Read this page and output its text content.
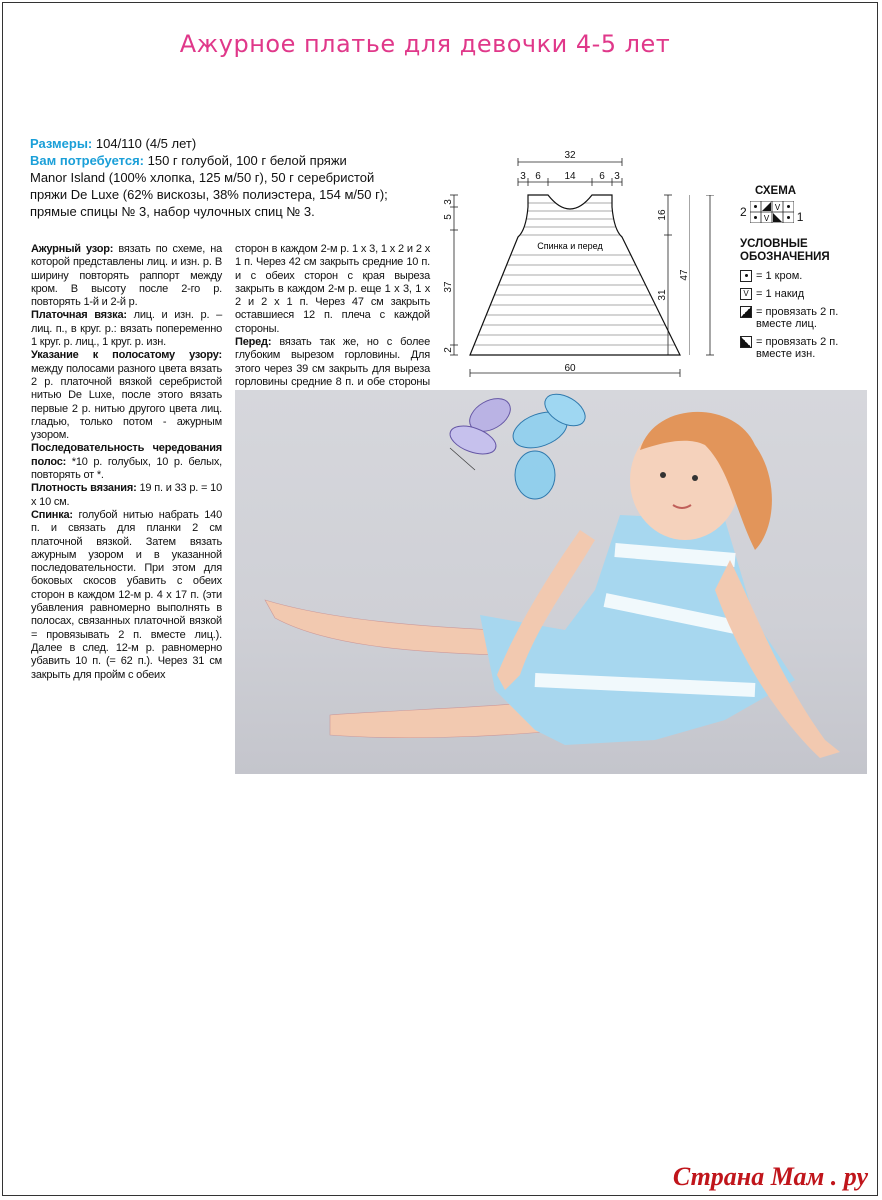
Ажурное платье для девочки 4-5 лет
Размеры: 104/110 (4/5 лет)
Вам потребуется: 150 г голубой, 100 г белой пряжи
Manor Island (100% хлопка, 125 м/50 г), 50 г серебристой
пряжи De Luxe (62% вискозы, 38% полиэстера, 154 м/50 г);
прямые спицы № 3, набор чулочных спиц № 3.

Ажурный узор: вязать по схеме, на которой представлены лиц. и изн. р. В ширину повторять раппорт между кром. В высоту после 2-го р. повторять 1-й и 2-й р.

Платочная вязка: лиц. и изн. р. – лиц. п., в круг. р.: вязать попеременно 1 круг. р. лиц., 1 круг. р. изн.

Указание к полосатому узору: между полосами разного цвета вязать 2 р. платочной вязкой серебристой нитью De Luxe, после этого вязать первые 2 р. нитью другого цвета лиц. гладью, только потом - ажурным узором.

Последовательность чередования полос: *10 р. голубых, 10 р. белых, повторять от *.

Плотность вязания: 19 п. и 33 р. = 10 x 10 см.

Спинка: голубой нитью набрать 140 п. и связать для планки 2 см платочной вязкой. Затем вязать ажурным узором и в указанной последовательности. При этом для боковых скосов убавить с обеих сторон в каждом 12-м р. 4 x 17 п. (эти убавления равномерно выполнять в полосах, связанных платочной вязкой = провязывать 2 п. вместе лиц.). Далее в след. 12-м р. равномерно убавить 10 п. (= 62 п.). Через 31 см закрыть для пройм с обеих

сторон в каждом 2-м р. 1 x 3, 1 x 2 и 2 x 1 п. Через 42 см закрыть средние 10 п. и с обеих сторон с края выреза закрыть в каждом 2-м р. еще 1 x 3, 1 x 2 и 2 x 1 п. Через 47 см закрыть оставшиеся 12 п. плеча с каждой стороны.

Перед: вязать так же, но с более глубоким вырезом горловины. Для этого через 39 см закрыть для выреза горловины средние 8 п. и обе стороны

Спинка и перед
32
3 6 14 6 3
60
3
5
37
2
16
31
47
СХЕМА
2	V
V 1
УСЛОВНЫЕ ОБОЗНАЧЕНИЯ
= 1 кром.
V = 1 накид
= провязать 2 п. вместе лиц.
= провязать 2 п. вместе изн.
Страна Мам . ру
